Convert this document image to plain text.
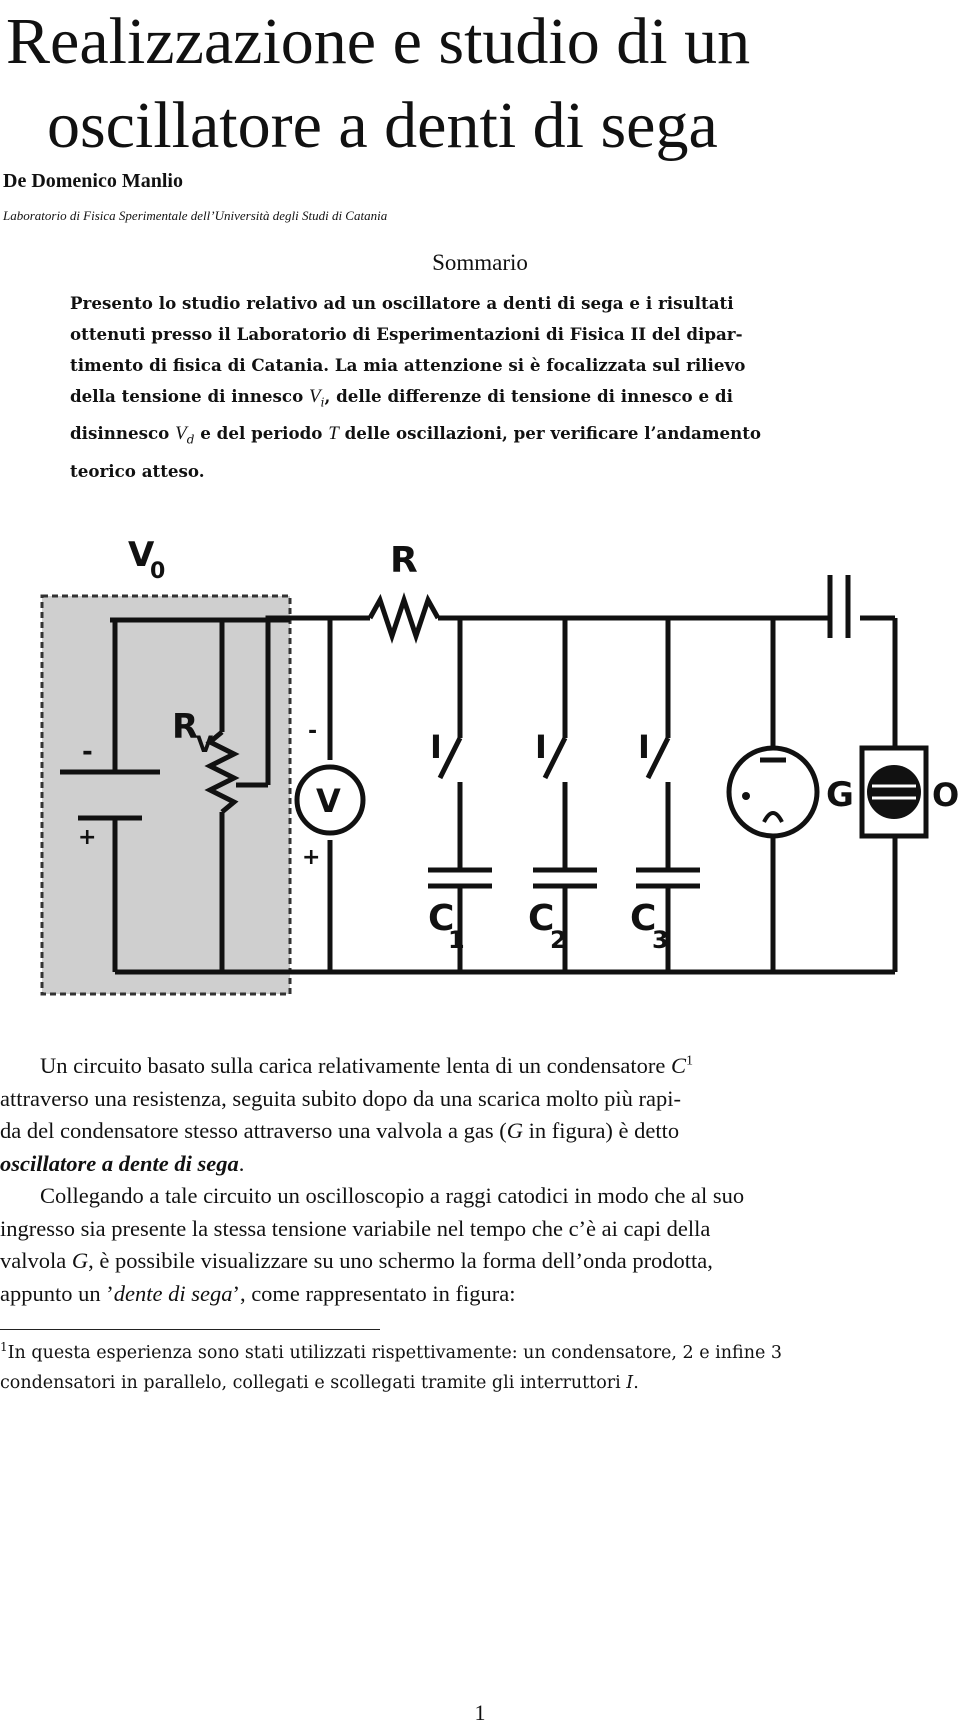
Realizzazione e studio di un
oscillatore a denti di sega
De Domenico Manlio
Laboratorio di Fisica Sperimentale dell’Università degli Studi di Catania
Sommario
Presento lo studio relativo ad un oscillatore a denti di sega e i risultati
ottenuti presso il Laboratorio di Esperimentazioni di Fisica II del dipar-
timento di fisica di Catania. La mia attenzione si è focalizzata sul rilievo
della tensione di innesco $V_i$, delle differenze di tensione di innesco e di
disinnesco $V_d$ e del periodo T delle oscillazioni, per verificare l’andamento
teorico atteso.
V
0	R
R
V
-
+
-
+
V
I	I	I
C
1
C
2
C
3
G O
Un circuito basato sulla carica relativamente lenta di un condensatore $C^1$
attraverso una resistenza, seguita subito dopo da una scarica molto più rapi-
da del condensatore stesso attraverso una valvola a gas (G in figura) è detto
oscillatore a dente di sega.
Collegando a tale circuito un oscilloscopio a raggi catodici in modo che al suo
ingresso sia presente la stessa tensione variabile nel tempo che c’è ai capi della
valvola G, è possibile visualizzare su uno schermo la forma dell’onda prodotta,
appunto un ’dente di sega’, come rappresentato in figura:
$^1$In questa esperienza sono stati utilizzati rispettivamente: un condensatore, 2 e infine 3
condensatori in parallelo, collegati e scollegati tramite gli interruttori I.
1
